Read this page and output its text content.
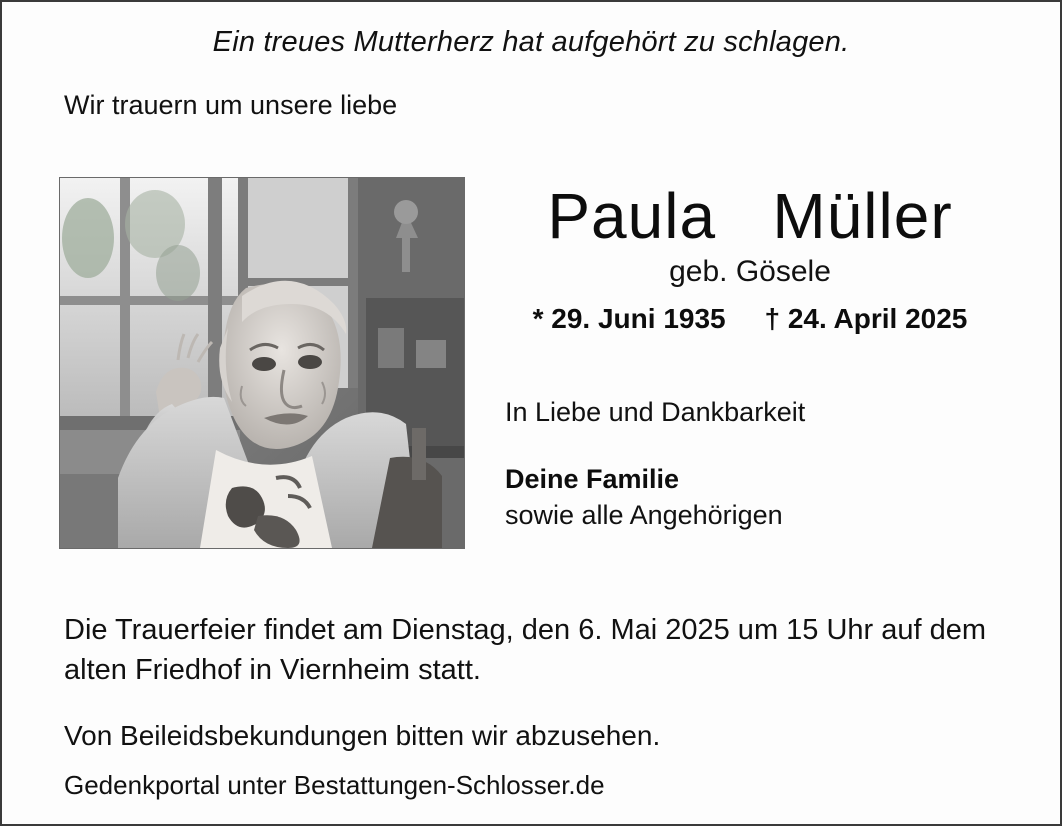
Ein treues Mutterherz hat aufgehört zu schlagen.
Wir trauern um unsere liebe
Paula   Müller
geb. Gösele
* 29. Juni 1935     † 24. April 2025
In Liebe und Dankbarkeit
Deine Familie
sowie alle Angehörigen
Die Trauerfeier findet am Dienstag, den 6. Mai 2025 um 15 Uhr auf dem alten Friedhof in Viernheim statt.
Von Beileidsbekundungen bitten wir abzusehen.
Gedenkportal unter Bestattungen-Schlosser.de
